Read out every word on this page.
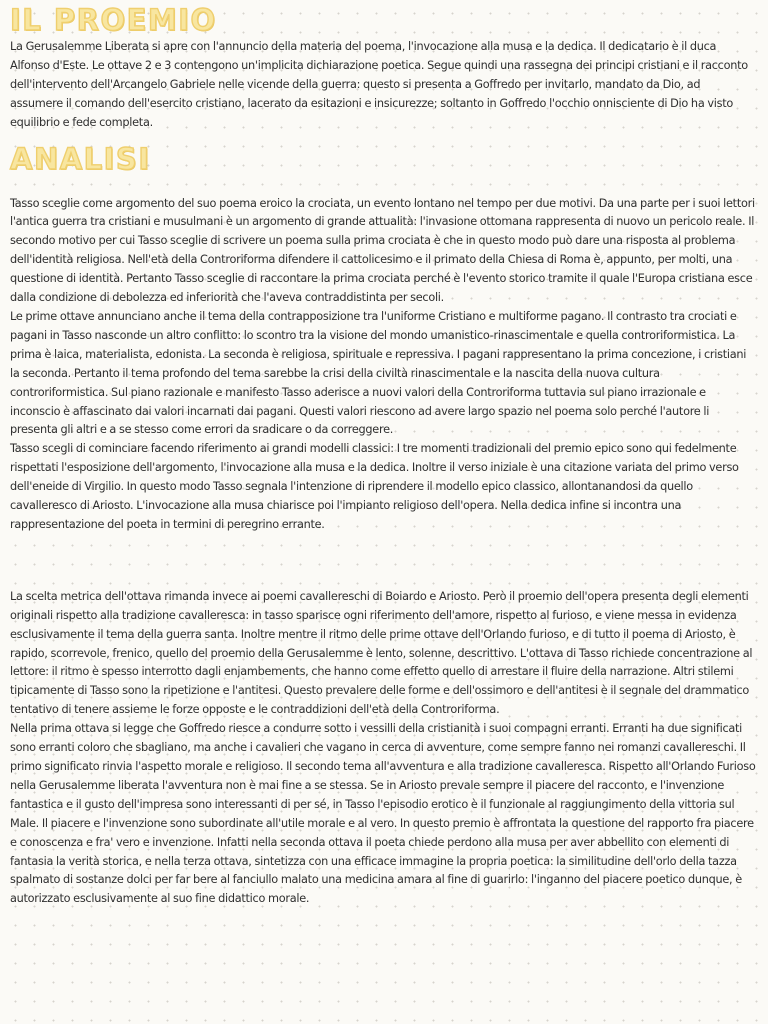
IL PROEMIO

La Gerusalemme Liberata si apre con l'annuncio della materia del poema, l'invocazione alla musa e la dedica. Il dedicatario è il duca Alfonso d'Este. Le ottave 2 e 3 contengono un'implicita dichiarazione poetica. Segue quindi una rassegna dei principi cristiani e il racconto dell'intervento dell'Arcangelo Gabriele nelle vicende della guerra: questo si presenta a Goffredo per invitarlo, mandato da Dio, ad assumere il comando dell'esercito cristiano, lacerato da esitazioni e insicurezze; soltanto in Goffredo l'occhio onnisciente di Dio ha visto equilibrio e fede completa.

ANALISI

Tasso sceglie come argomento del suo poema eroico la crociata, un evento lontano nel tempo per due motivi. Da una parte per i suoi lettori l'antica guerra tra cristiani e musulmani è un argomento di grande attualità: l'invasione ottomana rappresenta di nuovo un pericolo reale. Il secondo motivo per cui Tasso sceglie di scrivere un poema sulla prima crociata è che in questo modo può dare una risposta al problema dell'identità religiosa. Nell'età della Controriforma difendere il cattolicesimo e il primato della Chiesa di Roma è, appunto, per molti, una questione di identità. Pertanto Tasso sceglie di raccontare la prima crociata perché è l'evento storico tramite il quale l'Europa cristiana esce dalla condizione di debolezza ed inferiorità che l'aveva contraddistinta per secoli.

Le prime ottave annunciano anche il tema della contrapposizione tra l'uniforme Cristiano e multiforme pagano. Il contrasto tra crociati e pagani in Tasso nasconde un altro conflitto: lo scontro tra la visione del mondo umanistico-rinascimentale e quella controriformistica. La prima è laica, materialista, edonista. La seconda è religiosa, spirituale e repressiva. I pagani rappresentano la prima concezione, i cristiani la seconda. Pertanto il tema profondo del tema sarebbe la crisi della civiltà rinascimentale e la nascita della nuova cultura controriformistica. Sul piano razionale e manifesto Tasso aderisce a nuovi valori della Controriforma tuttavia sul piano irrazionale e inconscio è affascinato dai valori incarnati dai pagani. Questi valori riescono ad avere largo spazio nel poema solo perché l'autore li presenta gli altri e a se stesso come errori da sradicare o da correggere.

Tasso scegli di cominciare facendo riferimento ai grandi modelli classici: I tre momenti tradizionali del premio epico sono qui fedelmente rispettati l'esposizione dell'argomento, l'invocazione alla musa e la dedica. Inoltre il verso iniziale è una citazione variata del primo verso dell'eneide di Virgilio. In questo modo Tasso segnala l'intenzione di riprendere il modello epico classico, allontanandosi da quello cavalleresco di Ariosto. L'invocazione alla musa chiarisce poi l'impianto religioso dell'opera. Nella dedica infine si incontra una rappresentazione del poeta in termini di peregrino errante.

La scelta metrica dell'ottava rimanda invece ai poemi cavallereschi di Boiardo e Ariosto. Però il proemio dell'opera presenta degli elementi originali rispetto alla tradizione cavalleresca: in tasso sparisce ogni riferimento dell'amore, rispetto al furioso, e viene messa in evidenza esclusivamente il tema della guerra santa. Inoltre mentre il ritmo delle prime ottave dell'Orlando furioso, e di tutto il poema di Ariosto, è rapido, scorrevole, frenico, quello del proemio della Gerusalemme è lento, solenne, descrittivo. L'ottava di Tasso richiede concentrazione al lettore: il ritmo è spesso interrotto dagli enjambements, che hanno come effetto quello di arrestare il fluire della narrazione. Altri stilemi tipicamente di Tasso sono la ripetizione e l'antitesi. Questo prevalere delle forme e dell'ossimoro e dell'antitesi è il segnale del drammatico tentativo di tenere assieme le forze opposte e le contraddizioni dell'età della Controriforma.

Nella prima ottava si legge che Goffredo riesce a condurre sotto i vessilli della cristianità i suoi compagni erranti. Erranti ha due significati sono erranti coloro che sbagliano, ma anche i cavalieri che vagano in cerca di avventure, come sempre fanno nei romanzi cavallereschi. Il primo significato rinvia l'aspetto morale e religioso. Il secondo tema all'avventura e alla tradizione cavalleresca. Rispetto all'Orlando Furioso nella Gerusalemme liberata l'avventura non è mai fine a se stessa. Se in Ariosto prevale sempre il piacere del racconto, e l'invenzione fantastica e il gusto dell'impresa sono interessanti di per sé, in Tasso l'episodio erotico è il funzionale al raggiungimento della vittoria sul Male. Il piacere e l'invenzione sono subordinate all'utile morale e al vero. In questo premio è affrontata la questione del rapporto fra piacere e conoscenza e fra' vero e invenzione. Infatti nella seconda ottava il poeta chiede perdono alla musa per aver abbellito con elementi di fantasia la verità storica, e nella terza ottava, sintetizza con una efficace immagine la propria poetica: la similitudine dell'orlo della tazza spalmato di sostanze dolci per far bere al fanciullo malato una medicina amara al fine di guarirlo: l'inganno del piacere poetico dunque, è autorizzato esclusivamente al suo fine didattico morale.
